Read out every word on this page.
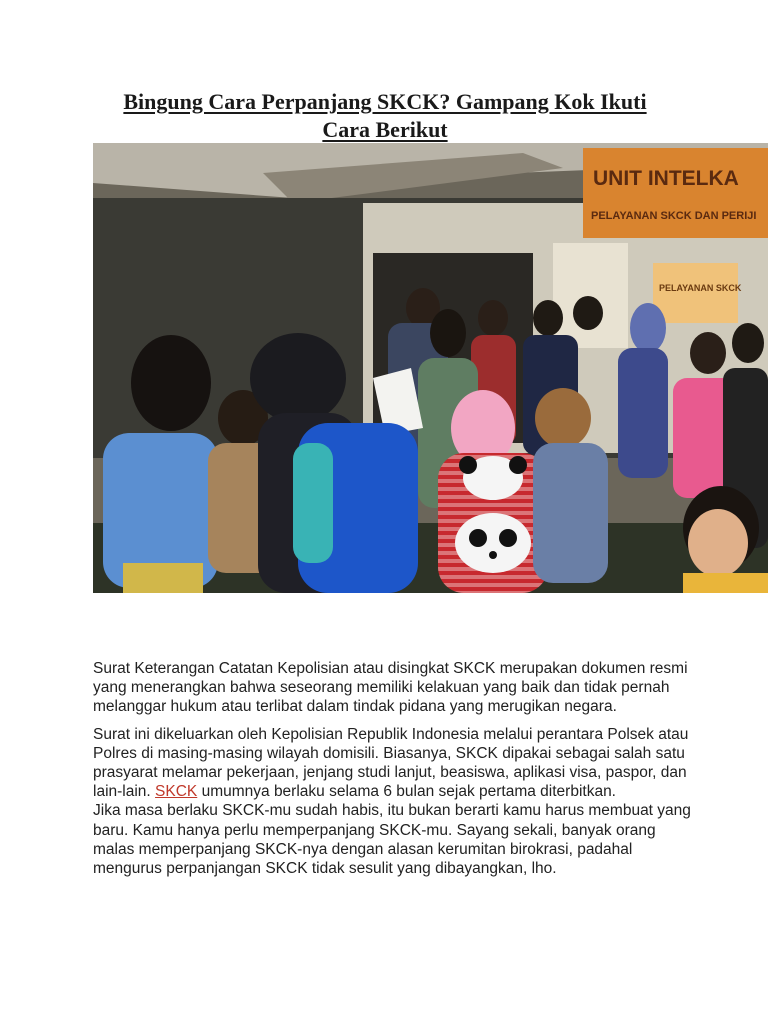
Bingung Cara Perpanjang SKCK? Gampang Kok Ikuti
Cara Berikut
UNIT INTELKA
PELAYANAN SKCK DAN PERIJI
PELAYANAN SKCK

Surat Keterangan Catatan Kepolisian atau disingkat SKCK merupakan dokumen resmi yang menerangkan bahwa seseorang memiliki kelakuan yang baik dan tidak pernah melanggar hukum atau terlibat dalam tindak pidana yang merugikan negara.

Surat ini dikeluarkan oleh Kepolisian Republik Indonesia melalui perantara Polsek atau Polres di masing-masing wilayah domisili. Biasanya, SKCK dipakai sebagai salah satu prasyarat melamar pekerjaan, jenjang studi lanjut, beasiswa, aplikasi visa, paspor, dan lain-lain. SKCK umumnya berlaku selama 6 bulan sejak pertama diterbitkan.

Jika masa berlaku SKCK-mu sudah habis, itu bukan berarti kamu harus membuat yang baru. Kamu hanya perlu memperpanjang SKCK-mu. Sayang sekali, banyak orang malas memperpanjang SKCK-nya dengan alasan kerumitan birokrasi, padahal mengurus perpanjangan SKCK tidak sesulit yang dibayangkan, lho.
